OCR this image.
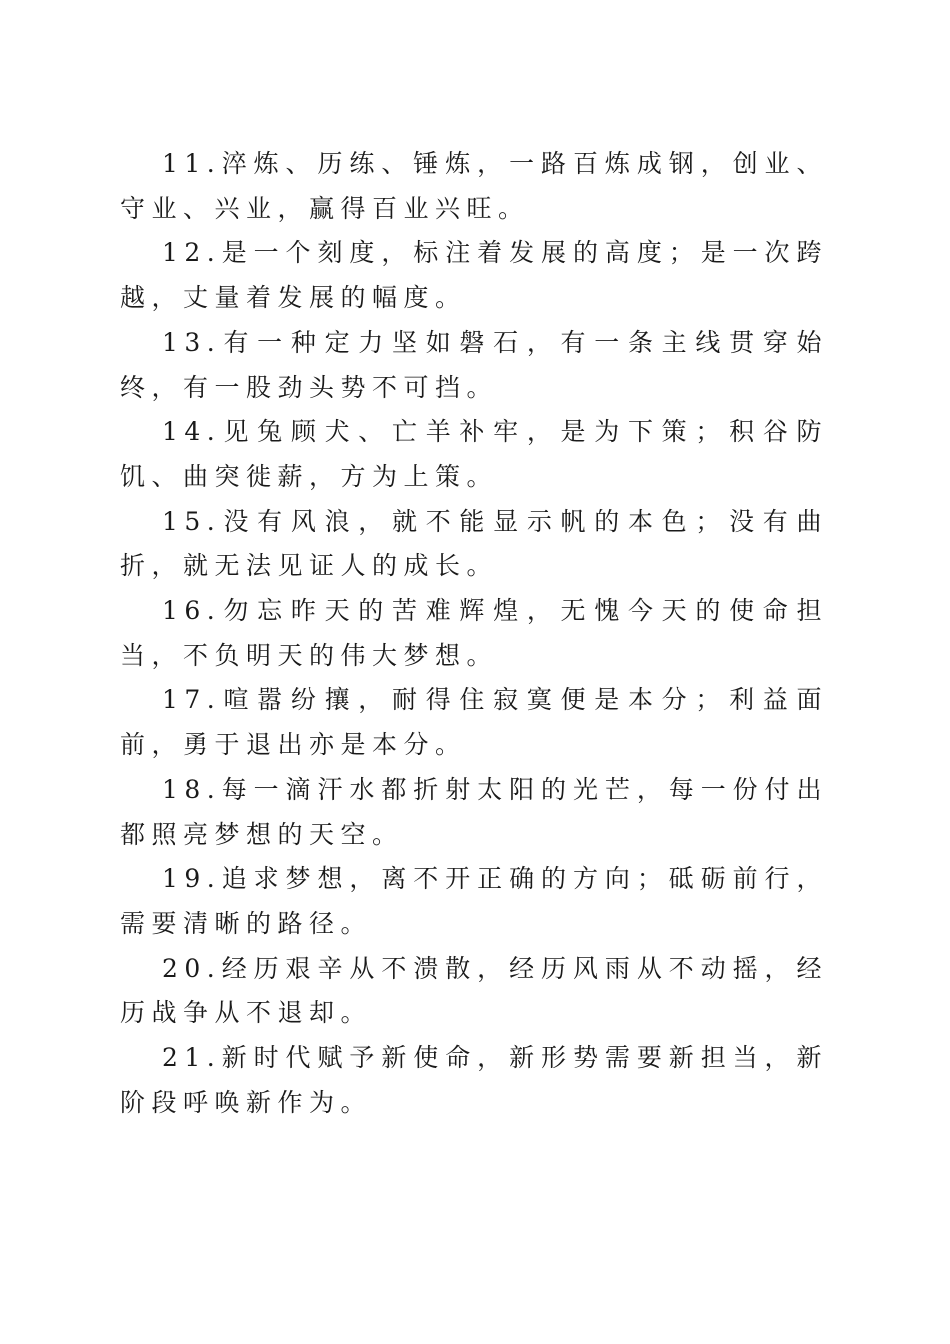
11.淬炼、历练、锤炼，一路百炼成钢，创业、守业、兴业，赢得百业兴旺。

12.是一个刻度，标注着发展的高度；是一次跨越，丈量着发展的幅度。

13.有一种定力坚如磐石，有一条主线贯穿始终，有一股劲头势不可挡。

14.见兔顾犬、亡羊补牢，是为下策；积谷防饥、曲突徙薪，方为上策。

15.没有风浪，就不能显示帆的本色；没有曲折，就无法见证人的成长。

16.勿忘昨天的苦难辉煌，无愧今天的使命担当，不负明天的伟大梦想。

17.喧嚣纷攘，耐得住寂寞便是本分；利益面前，勇于退出亦是本分。

18.每一滴汗水都折射太阳的光芒，每一份付出都照亮梦想的天空。

19.追求梦想，离不开正确的方向；砥砺前行，需要清晰的路径。

20.经历艰辛从不溃散，经历风雨从不动摇，经历战争从不退却。

21.新时代赋予新使命，新形势需要新担当，新阶段呼唤新作为。
